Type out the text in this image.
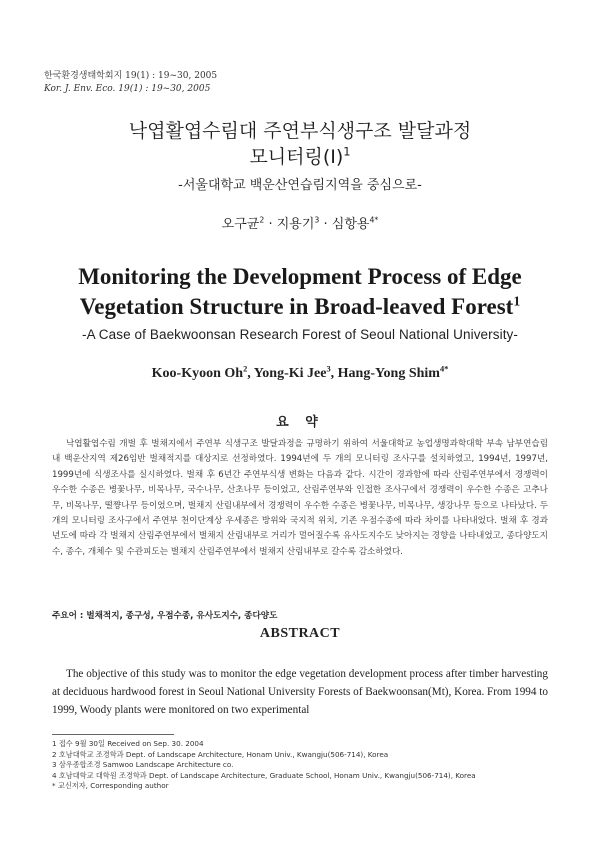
한국환경생태학회지 19(1) : 19~30, 2005
Kor. J. Env. Eco. 19(1) : 19~30, 2005
낙엽활엽수림대 주연부식생구조 발달과정
모니터링(Ⅰ)$^1$
-서울대학교 백운산연습림지역을 중심으로-
오구균$^2$ · 지용기$^3$ · 심항용$^{4*}$
Monitoring the Development Process of Edge
Vegetation Structure in Broad-leaved Forest$^1$
-A Case of Baekwoonsan Research Forest of Seoul National University-
Koo-Kyoon Oh$^2$, Yong-Ki Jee$^3$, Hang-Yong Shim$^{4*}$
요 약
낙엽활엽수림 개벌 후 벌채지에서 주연부 식생구조 발달과정을 규명하기 위하여 서울대학교 농업생명과학대학 부속 남부연습림 내 백운산지역 제26임반 벌채적지를 대상지로 선정하였다. 1994년에 두 개의 모니터링 조사구를 설치하였고, 1994년, 1997년, 1999년에 식생조사를 실시하였다. 벌채 후 6년간 주연부식생 변화는 다음과 같다. 시간이 경과함에 따라 산림주연부에서 경쟁력이 우수한 수종은 병꽃나무, 비목나무, 국수나무, 산초나무 등이었고, 산림주연부와 인접한 조사구에서 경쟁력이 우수한 수종은 고추나무, 비목나무, 떨쨩나무 등이었으며, 벌채지 산림내부에서 경쟁력이 우수한 수종은 병꽃나무, 비목나무, 생강나무 등으로 나타났다. 두개의 모니터링 조사구에서 주연부 천이단계상 우세종은 방위와 국지적 위치, 기존 우점수종에 따라 차이를 나타내었다. 벌채 후 경과년도에 따라 각 벌채지 산림주연부에서 벌채지 산림내부로 거리가 멀어질수록 유사도지수도 낮아지는 경향을 나타내었고, 종다양도지수, 종수, 개체수 및 수관피도는 벌채지 산림주연부에서 벌채지 산림내부로 갈수록 감소하였다.
주요어 : 벌채적지, 종구성, 우점수종, 유사도지수, 종다양도
ABSTRACT
The objective of this study was to monitor the edge vegetation development process after timber harvesting at deciduous hardwood forest in Seoul National University Forests of Baekwoonsan(Mt), Korea. From 1994 to 1999, Woody plants were monitored on two experimental
1 접수 9월 30일 Received on Sep. 30. 2004
2 호남대학교 조경학과 Dept. of Landscape Architecture, Honam Univ., Kwangju(506-714), Korea
3 삼우종합조경 Samwoo Landscape Architecture co.
4 호남대학교 대학원 조경학과 Dept. of Landscape Architecture, Graduate School, Honam Univ., Kwangju(506-714), Korea
* 교신저자, Corresponding author
